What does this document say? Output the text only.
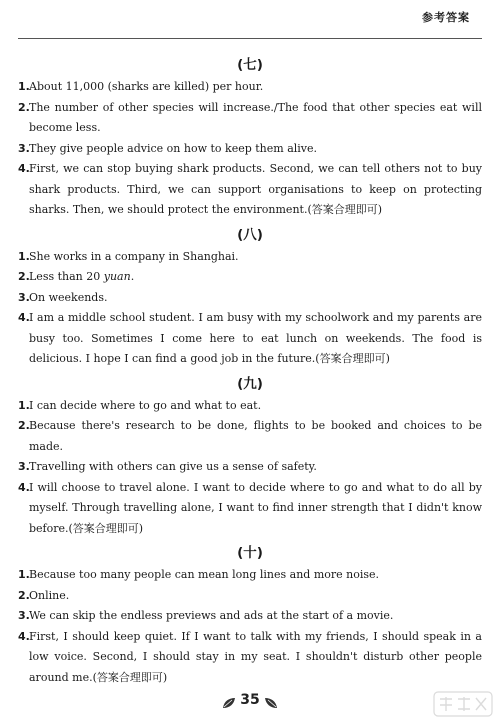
参考答案
(七)
1. About 11,000 (sharks are killed) per hour.
2. The number of other species will increase./The food that other species eat will become less.
3. They give people advice on how to keep them alive.
4. First, we can stop buying shark products. Second, we can tell others not to buy shark products. Third, we can support organisations to keep on protecting sharks. Then, we should protect the environment.(答案合理即可)
(八)
1. She works in a company in Shanghai.
2. Less than 20 yuan.
3. On weekends.
4. I am a middle school student. I am busy with my schoolwork and my parents are busy too. Sometimes I come here to eat lunch on weekends. The food is delicious. I hope I can find a good job in the future.(答案合理即可)
(九)
1. I can decide where to go and what to eat.
2. Because there's research to be done, flights to be booked and choices to be made.
3. Travelling with others can give us a sense of safety.
4. I will choose to travel alone. I want to decide where to go and what to do all by myself. Through travelling alone, I want to find inner strength that I didn't know before.(答案合理即可)
(十)
1. Because too many people can mean long lines and more noise.
2. Online.
3. We can skip the endless previews and ads at the start of a movie.
4. First, I should keep quiet. If I want to talk with my friends, I should speak in a low voice. Second, I should stay in my seat. I shouldn't disturb other people around me.(答案合理即可)
35
